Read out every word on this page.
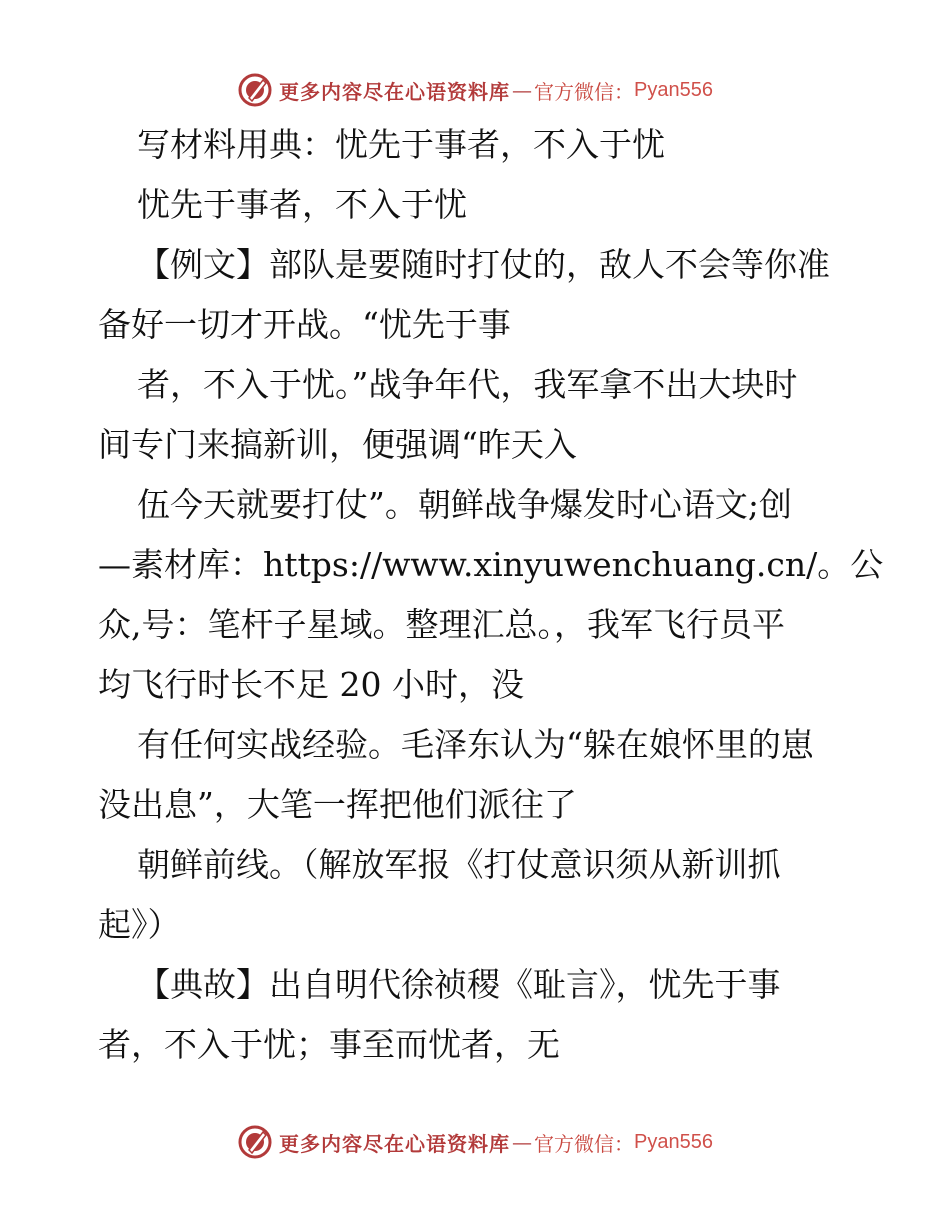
更多内容尽在心语资料库 — 官方微信： Pyan556
写材料用典：忧先于事者，不入于忧
忧先于事者，不入于忧
【例文】部队是要随时打仗的，敌人不会等你准
备好一切才开战。“忧先于事
者，不入于忧。”战争年代，我军拿不出大块时
间专门来搞新训，便强调“昨天入
伍今天就要打仗”。朝鲜战争爆发时心语文;创
—素材库：https://www.xinyuwenchuang.cn/。公
众,号：笔杆子星域。整理汇总。，我军飞行员平
均飞行时长不足 20 小时，没
有任何实战经验。毛泽东认为“躲在娘怀里的崽
没出息”，大笔一挥把他们派往了
朝鲜前线。（解放军报《打仗意识须从新训抓
起》）
【典故】出自明代徐祯稷《耻言》，忧先于事
者，不入于忧；事至而忧者，无
更多内容尽在心语资料库 — 官方微信： Pyan556
